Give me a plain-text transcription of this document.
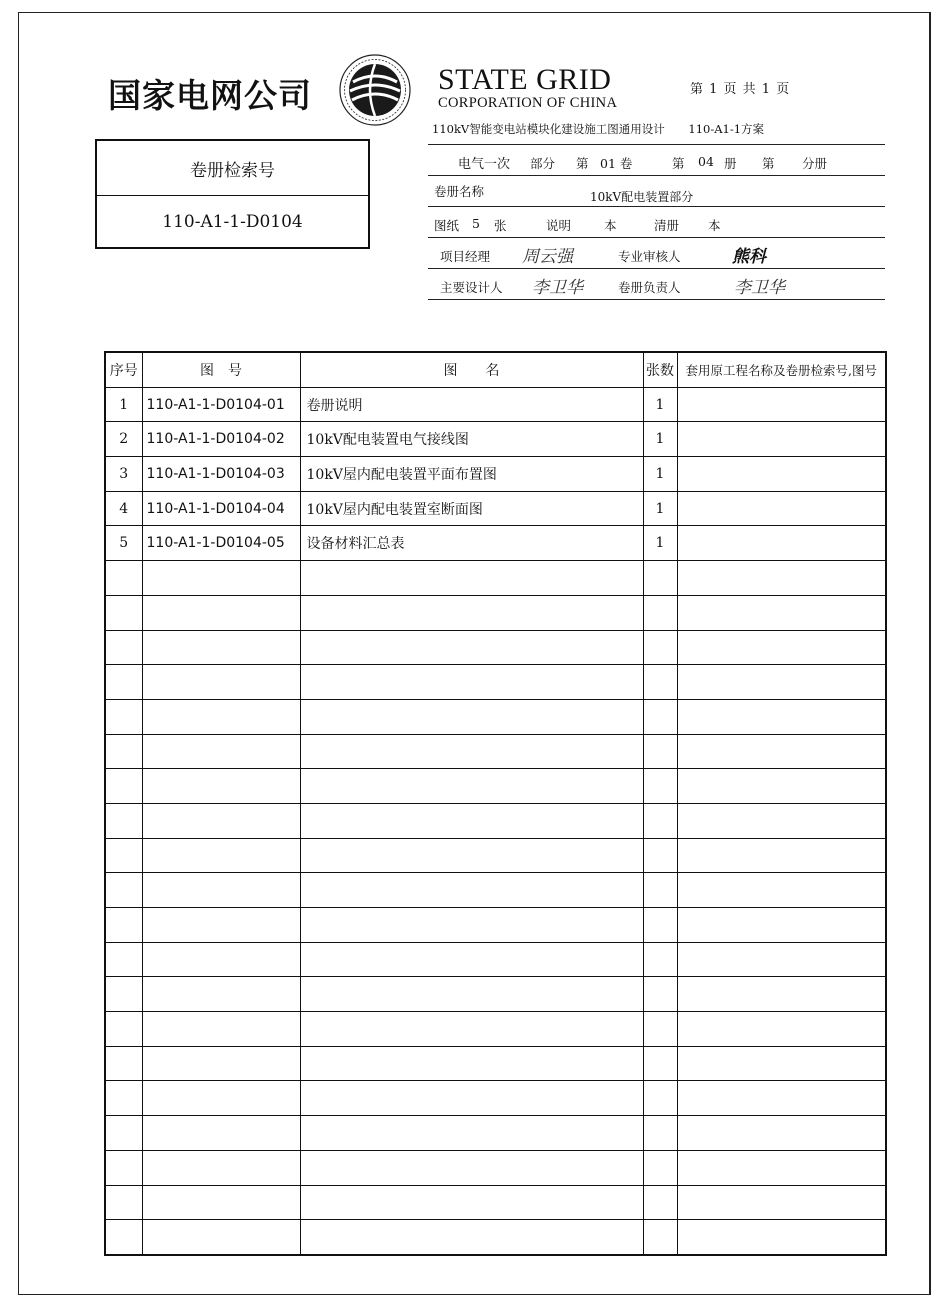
国家电网公司	STATE GRID
CORPORATION OF CHINA
第 1 页 共 1 页
110kV智能变电站模块化建设施工图通用设计 110-A1-1方案
卷册检索号
110-A1-1-D0104
电气一次 部分 第 01 卷	第 04 册 第 分册
卷册名称	10kV配电装置部分
图纸 5 张	说明	本	清册 本
项目经理 周云强	专业审核人	熊科
主要设计人 李卫华	卷册负责人	李卫华
序号	图　号	图　　名	张数	套用原工程名称及卷册检索号,图号
1	110-A1-1-D0104-01	卷册说明	1	
2	110-A1-1-D0104-02	10kV配电装置电气接线图	1	
3	110-A1-1-D0104-03	10kV屋内配电装置平面布置图	1	
4	110-A1-1-D0104-04	10kV屋内配电装置室断面图	1	
5	110-A1-1-D0104-05	设备材料汇总表	1	
